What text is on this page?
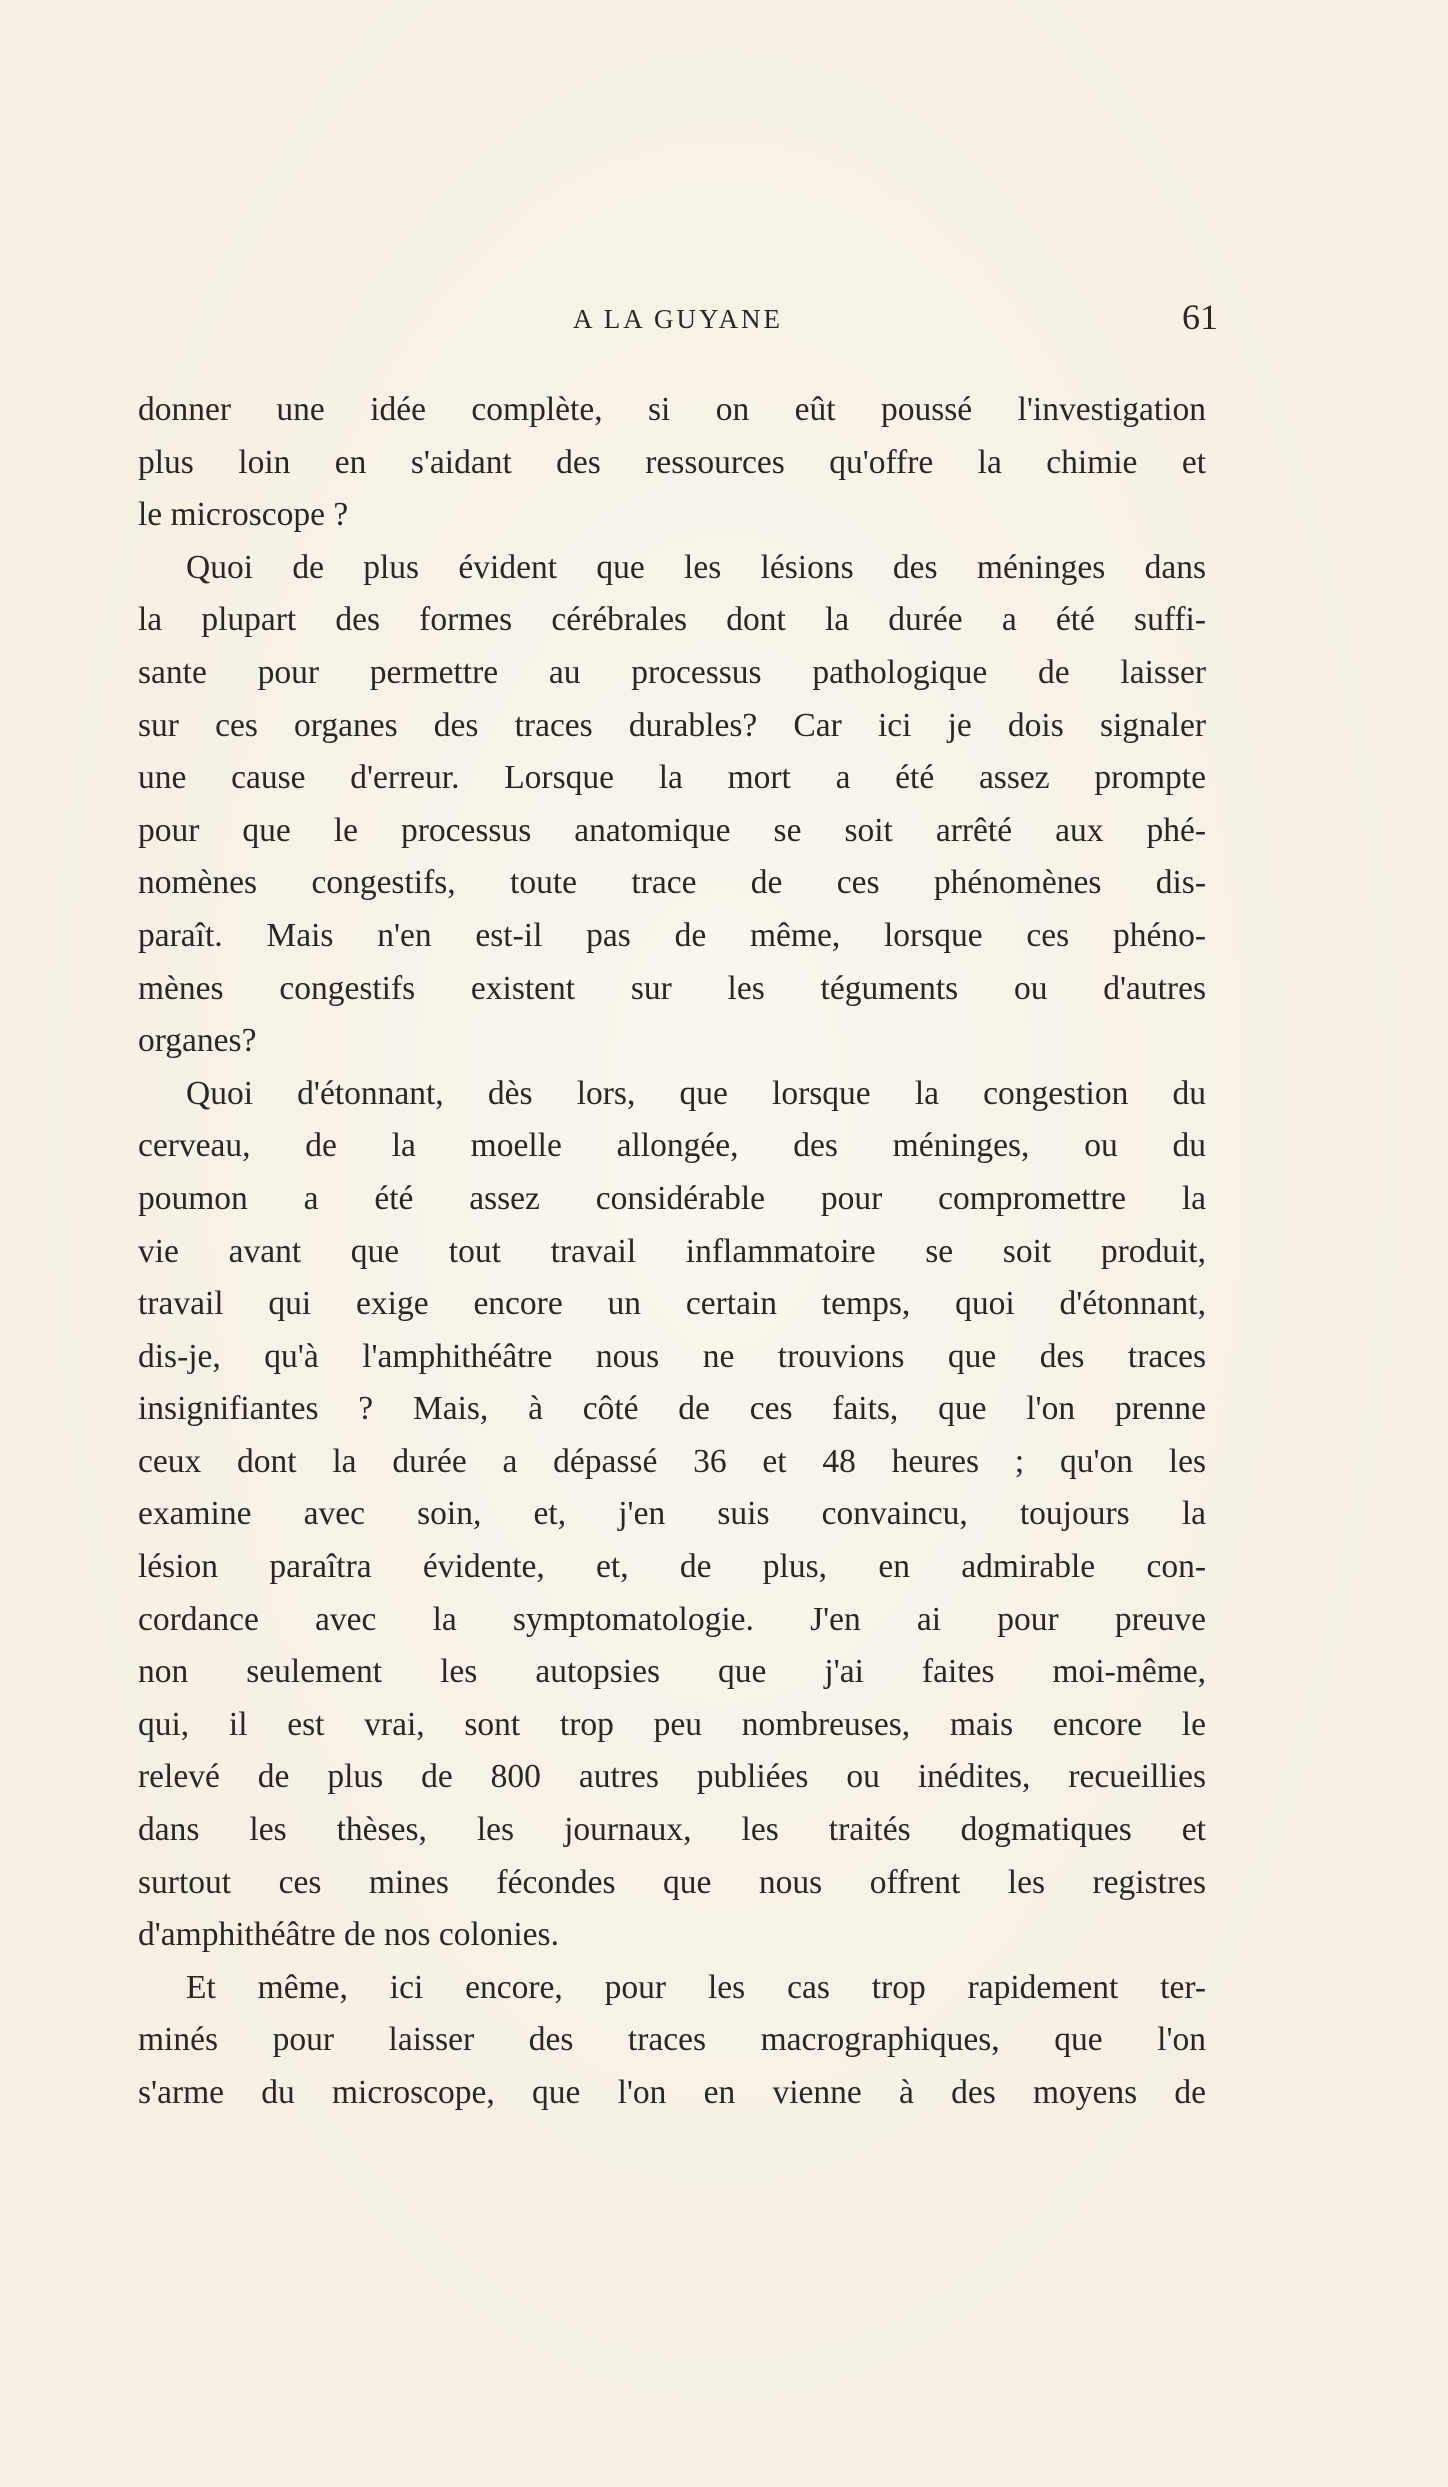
A LA GUYANE	61
donner une idée complète, si on eût poussé l'investigation
plus loin en s'aidant des ressources qu'offre la chimie et
le microscope ?
Quoi de plus évident que les lésions des méninges dans
la plupart des formes cérébrales dont la durée a été suffi-
sante pour permettre au processus pathologique de laisser
sur ces organes des traces durables? Car ici je dois signaler
une cause d'erreur. Lorsque la mort a été assez prompte
pour que le processus anatomique se soit arrêté aux phé-
nomènes congestifs, toute trace de ces phénomènes dis-
paraît. Mais n'en est-il pas de même, lorsque ces phéno-
mènes congestifs existent sur les téguments ou d'autres
organes?
Quoi d'étonnant, dès lors, que lorsque la congestion du
cerveau, de la moelle allongée, des méninges, ou du
poumon a été assez considérable pour compromettre la
vie avant que tout travail inflammatoire se soit produit,
travail qui exige encore un certain temps, quoi d'étonnant,
dis-je, qu'à l'amphithéâtre nous ne trouvions que des traces
insignifiantes ? Mais, à côté de ces faits, que l'on prenne
ceux dont la durée a dépassé 36 et 48 heures ; qu'on les
examine avec soin, et, j'en suis convaincu, toujours la
lésion paraîtra évidente, et, de plus, en admirable con-
cordance avec la symptomatologie. J'en ai pour preuve
non seulement les autopsies que j'ai faites moi-même,
qui, il est vrai, sont trop peu nombreuses, mais encore le
relevé de plus de 800 autres publiées ou inédites, recueillies
dans les thèses, les journaux, les traités dogmatiques et
surtout ces mines fécondes que nous offrent les registres
d'amphithéâtre de nos colonies.
Et même, ici encore, pour les cas trop rapidement ter-
minés pour laisser des traces macrographiques, que l'on
s'arme du microscope, que l'on en vienne à des moyens de
